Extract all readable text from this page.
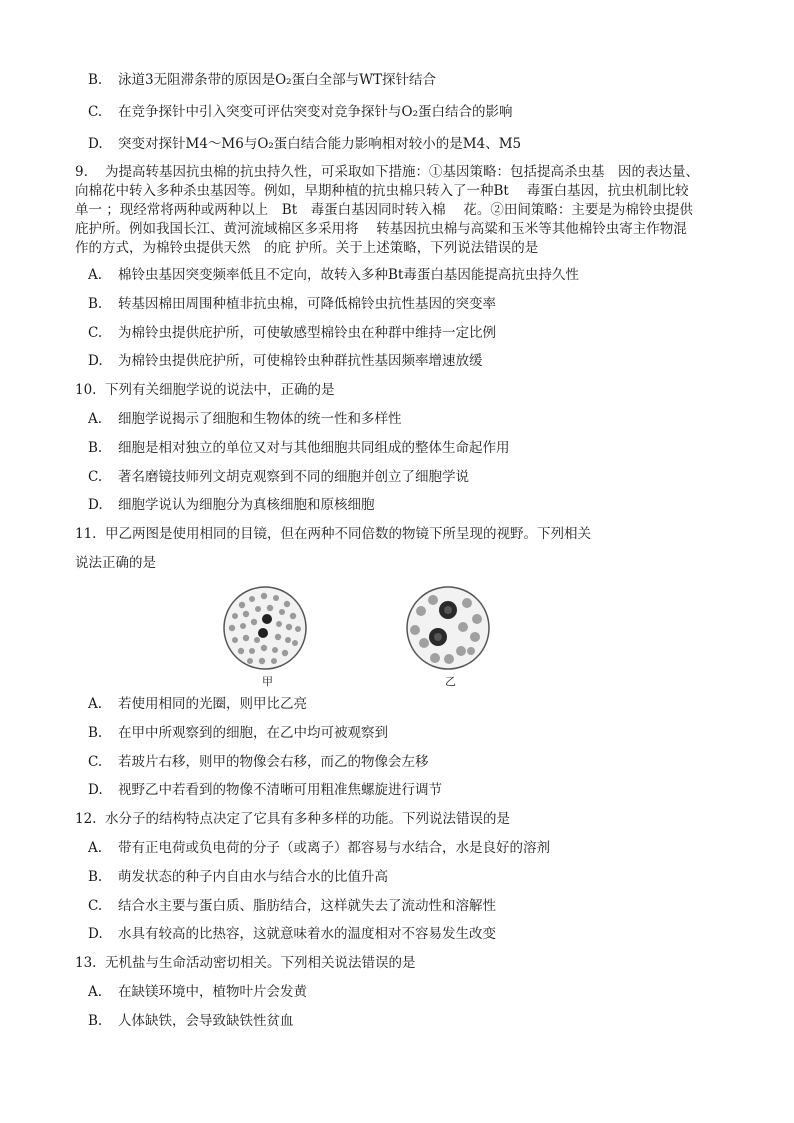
B. 泳道3无阻滞条带的原因是O₂蛋白全部与WT探针结合
C. 在竞争探针中引入突变可评估突变对竞争探针与O₂蛋白结合的影响
D. 突变对探针M4～M6与O₂蛋白结合能力影响相对较小的是M4、M5
9. 为提高转基因抗虫棉的抗虫持久性，可采取如下措施：①基因策略：包括提高杀虫基　因的表达量、
向棉花中转入多种杀虫基因等。例如，早期种植的抗虫棉只转入了一种Bt　 毒蛋白基因，抗虫机制比较
单一 ；现经常将两种或两种以上　Bt　毒蛋白基因同时转入棉　 花。②田间策略：主要是为棉铃虫提供
庇护所。例如我国长江、黄河流域棉区多采用将　 转基因抗虫棉与高粱和玉米等其他棉铃虫寄主作物混
作的方式，为棉铃虫提供天然　的庇 护所。关于上述策略，下列说法错误的是
A. 棉铃虫基因突变频率低且不定向，故转入多种Bt毒蛋白基因能提高抗虫持久性
B. 转基因棉田周围种植非抗虫棉，可降低棉铃虫抗性基因的突变率
C. 为棉铃虫提供庇护所，可使敏感型棉铃虫在种群中维持一定比例
D. 为棉铃虫提供庇护所，可使棉铃虫种群抗性基因频率增速放缓
10. 下列有关细胞学说的说法中，正确的是
A. 细胞学说揭示了细胞和生物体的统一性和多样性
B. 细胞是相对独立的单位又对与其他细胞共同组成的整体生命起作用
C. 著名磨镜技师列文胡克观察到不同的细胞并创立了细胞学说
D. 细胞学说认为细胞分为真核细胞和原核细胞
11. 甲乙两图是使用相同的目镜，但在两种不同倍数的物镜下所呈现的视野。下列相关
说法正确的是
甲	乙
A. 若使用相同的光圈，则甲比乙亮
B. 在甲中所观察到的细胞，在乙中均可被观察到
C. 若玻片右移，则甲的物像会右移，而乙的物像会左移
D. 视野乙中若看到的物像不清晰可用粗准焦螺旋进行调节
12. 水分子的结构特点决定了它具有多种多样的功能。下列说法错误的是
A. 带有正电荷或负电荷的分子（或离子）都容易与水结合，水是良好的溶剂
B. 萌发状态的种子内自由水与结合水的比值升高
C. 结合水主要与蛋白质、脂肪结合，这样就失去了流动性和溶解性
D. 水具有较高的比热容，这就意味着水的温度相对不容易发生改变
13. 无机盐与生命活动密切相关。下列相关说法错误的是
A. 在缺镁环境中，植物叶片会发黄
B. 人体缺铁，会导致缺铁性贫血
